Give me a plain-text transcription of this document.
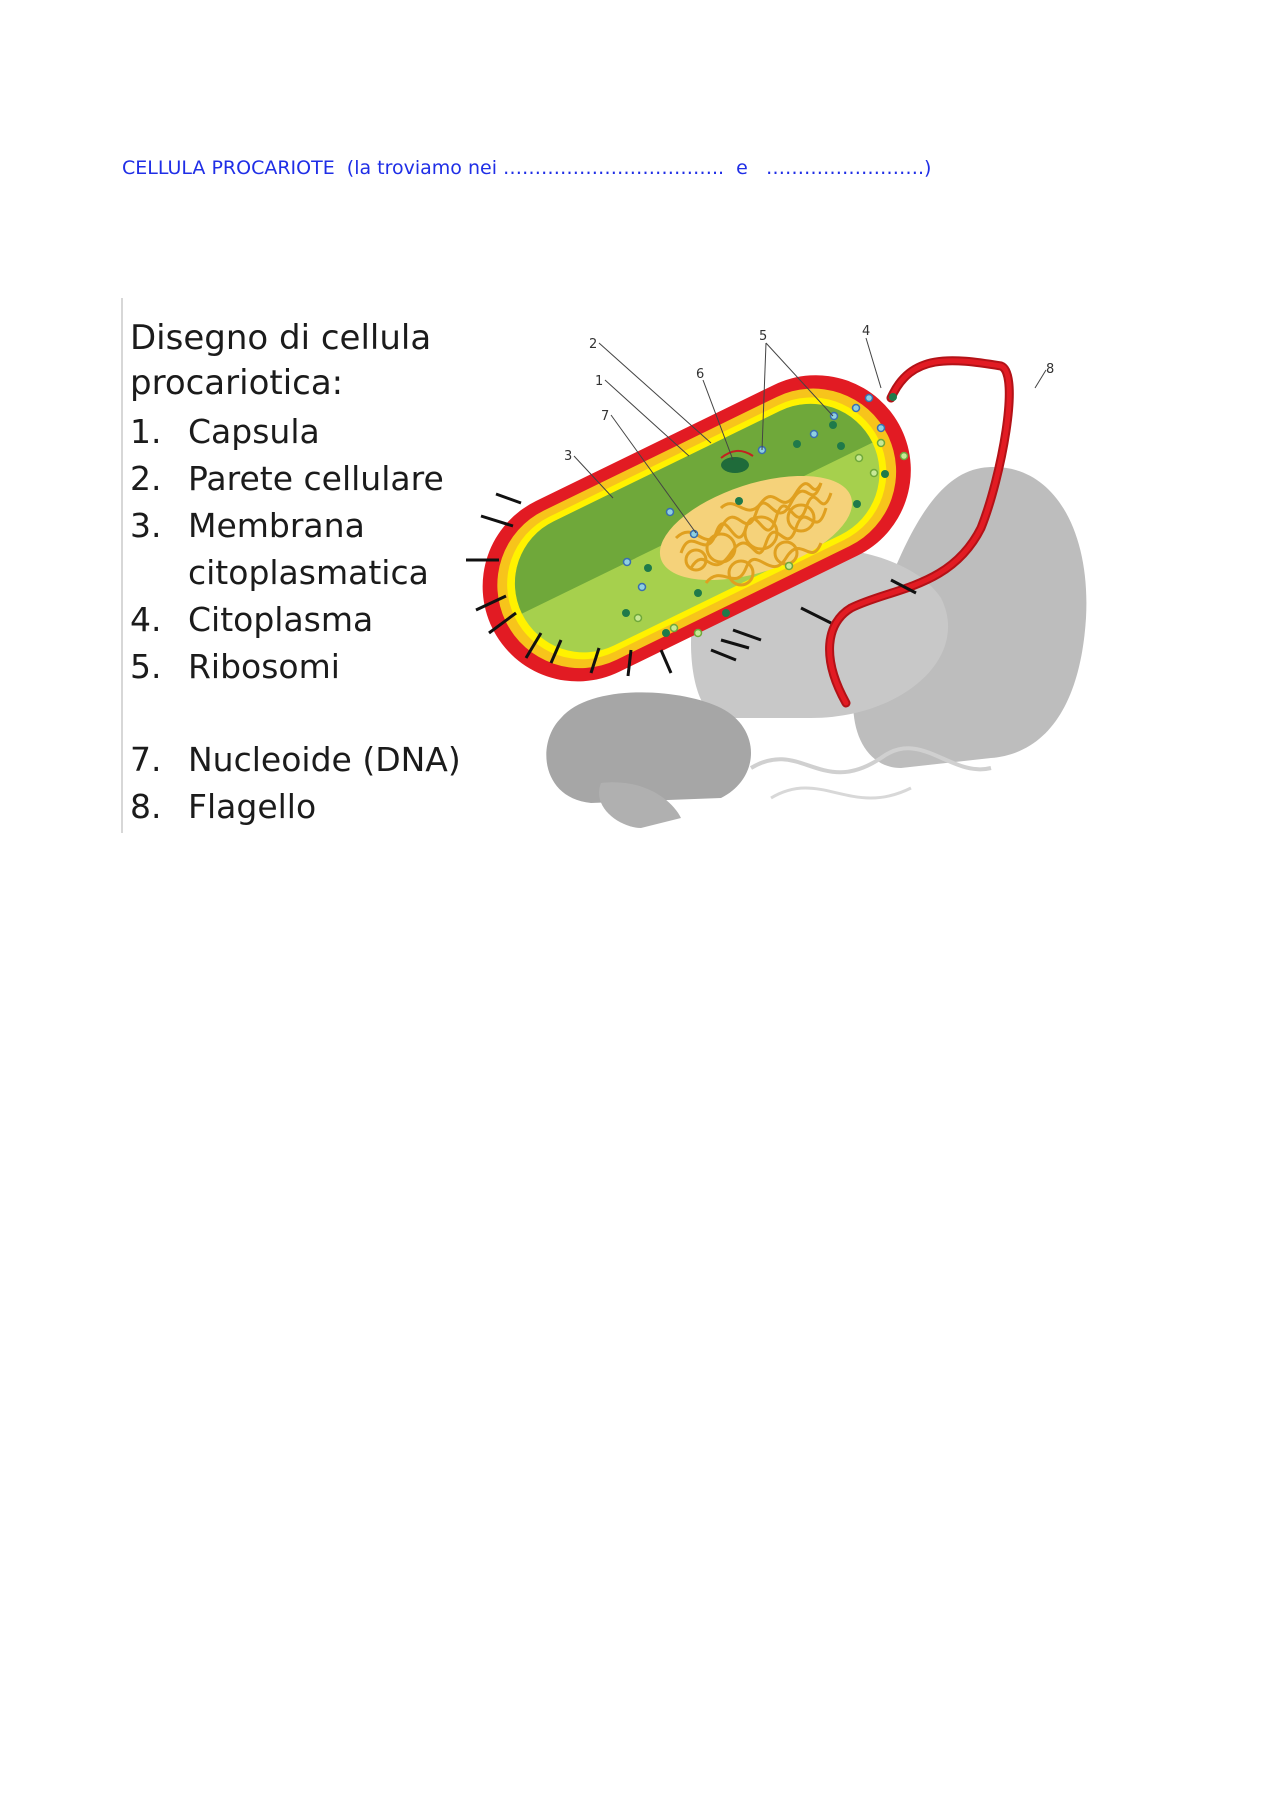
CELLULA PROCARIOTE  (la troviamo nei ……………………………..  e   …………………….)
Disegno di cellula procariotica:
1. Capsula
2. Parete cellulare
3. Membrana citoplasmatica
4. Citoplasma
5. Ribosomi
7. Nucleoide (DNA)
8. Flagello
2
1
7
3
6
5	4
8
